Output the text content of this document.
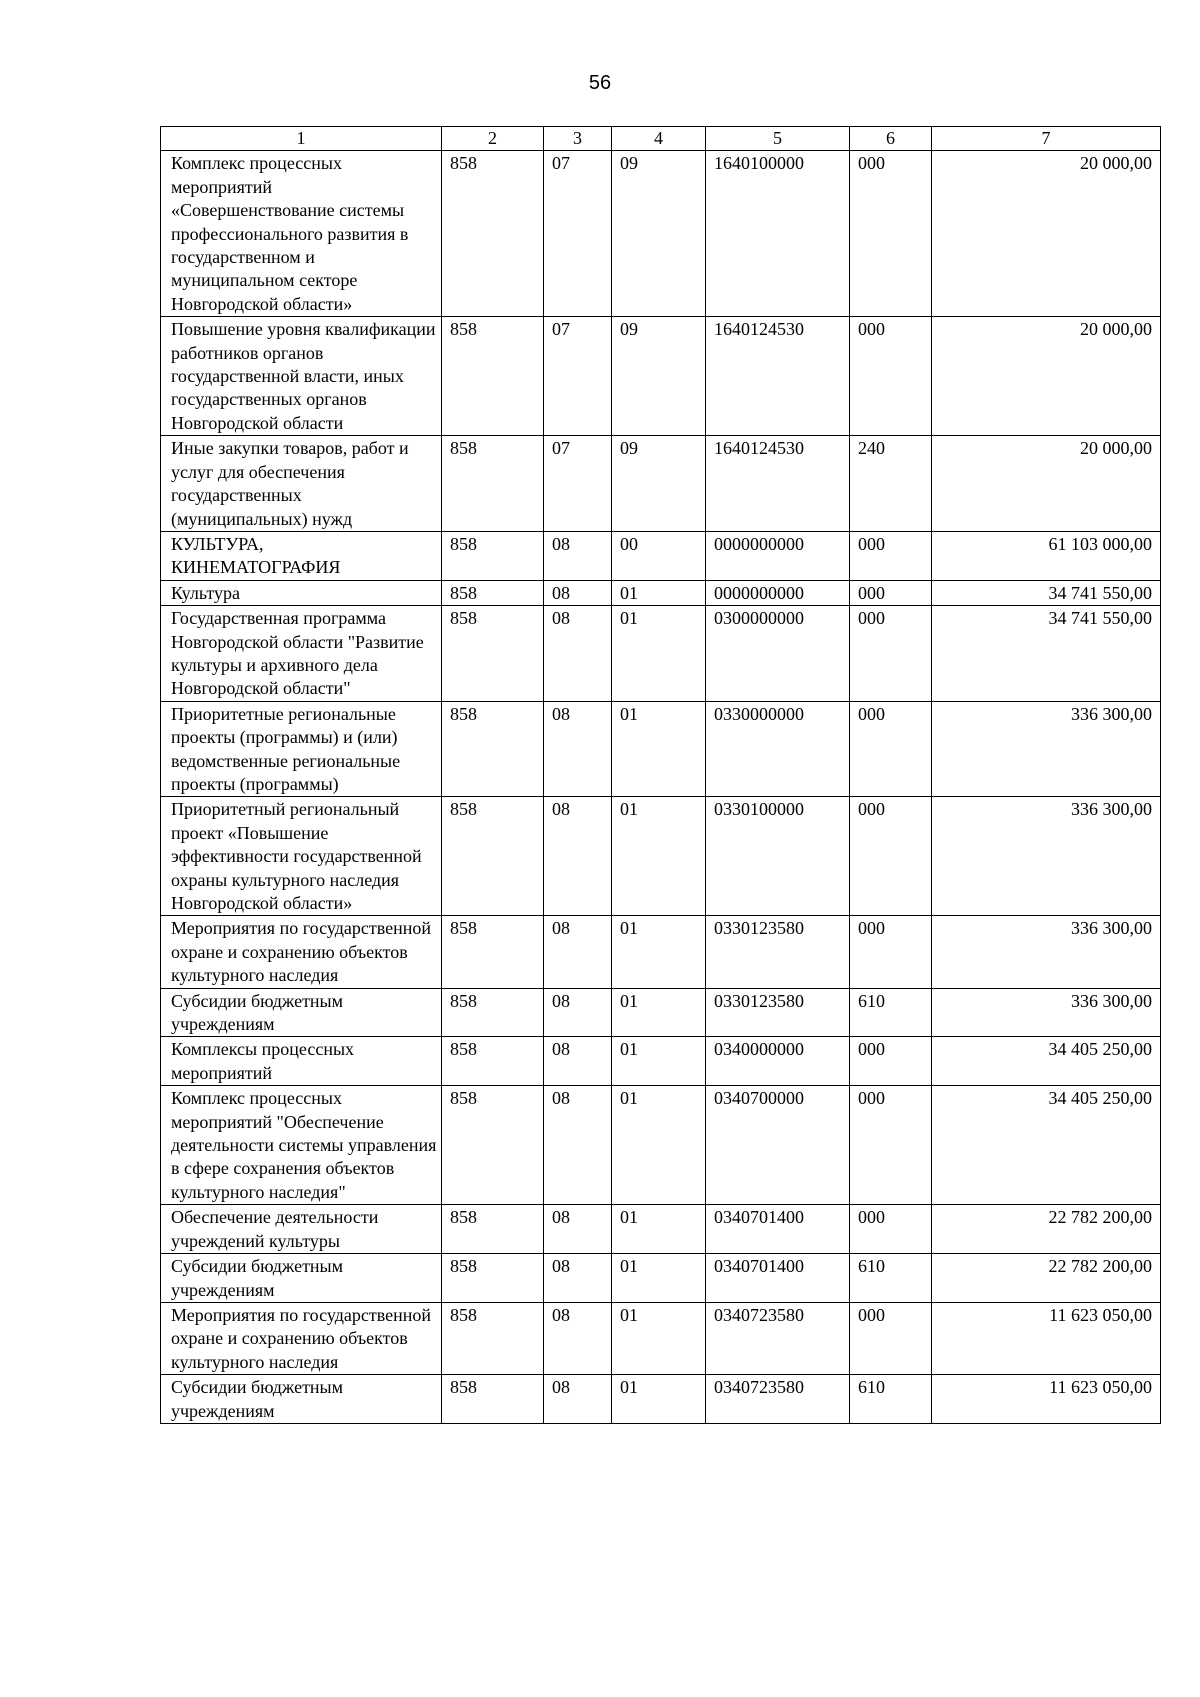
56
1	2	3	4	5	6	7
Комплекс процессных мероприятий «Совершенствование системы профессионального развития в государственном и муниципальном секторе Новгородской области»	858	07	09	1640100000	000	20 000,00
Повышение уровня квалификации работников органов государственной власти, иных государственных органов Новгородской области	858	07	09	1640124530	000	20 000,00
Иные закупки товаров, работ и услуг для обеспечения государственных (муниципальных) нужд	858	07	09	1640124530	240	20 000,00
КУЛЬТУРА, КИНЕМАТОГРАФИЯ	858	08	00	0000000000	000	61 103 000,00
Культура	858	08	01	0000000000	000	34 741 550,00
Государственная программа Новгородской области "Развитие культуры и архивного дела Новгородской области"	858	08	01	0300000000	000	34 741 550,00
Приоритетные региональные проекты (программы) и (или) ведомственные региональные проекты (программы)	858	08	01	0330000000	000	336 300,00
Приоритетный региональный проект «Повышение эффективности государственной охраны культурного наследия Новгородской области»	858	08	01	0330100000	000	336 300,00
Мероприятия по государственной охране и сохранению объектов культурного наследия	858	08	01	0330123580	000	336 300,00
Субсидии бюджетным учреждениям	858	08	01	0330123580	610	336 300,00
Комплексы процессных мероприятий	858	08	01	0340000000	000	34 405 250,00
Комплекс процессных мероприятий "Обеспечение деятельности системы управления в сфере сохранения объектов культурного наследия"	858	08	01	0340700000	000	34 405 250,00
Обеспечение деятельности учреждений культуры	858	08	01	0340701400	000	22 782 200,00
Субсидии бюджетным учреждениям	858	08	01	0340701400	610	22 782 200,00
Мероприятия по государственной охране и сохранению объектов культурного наследия	858	08	01	0340723580	000	11 623 050,00
Субсидии бюджетным учреждениям	858	08	01	0340723580	610	11 623 050,00
